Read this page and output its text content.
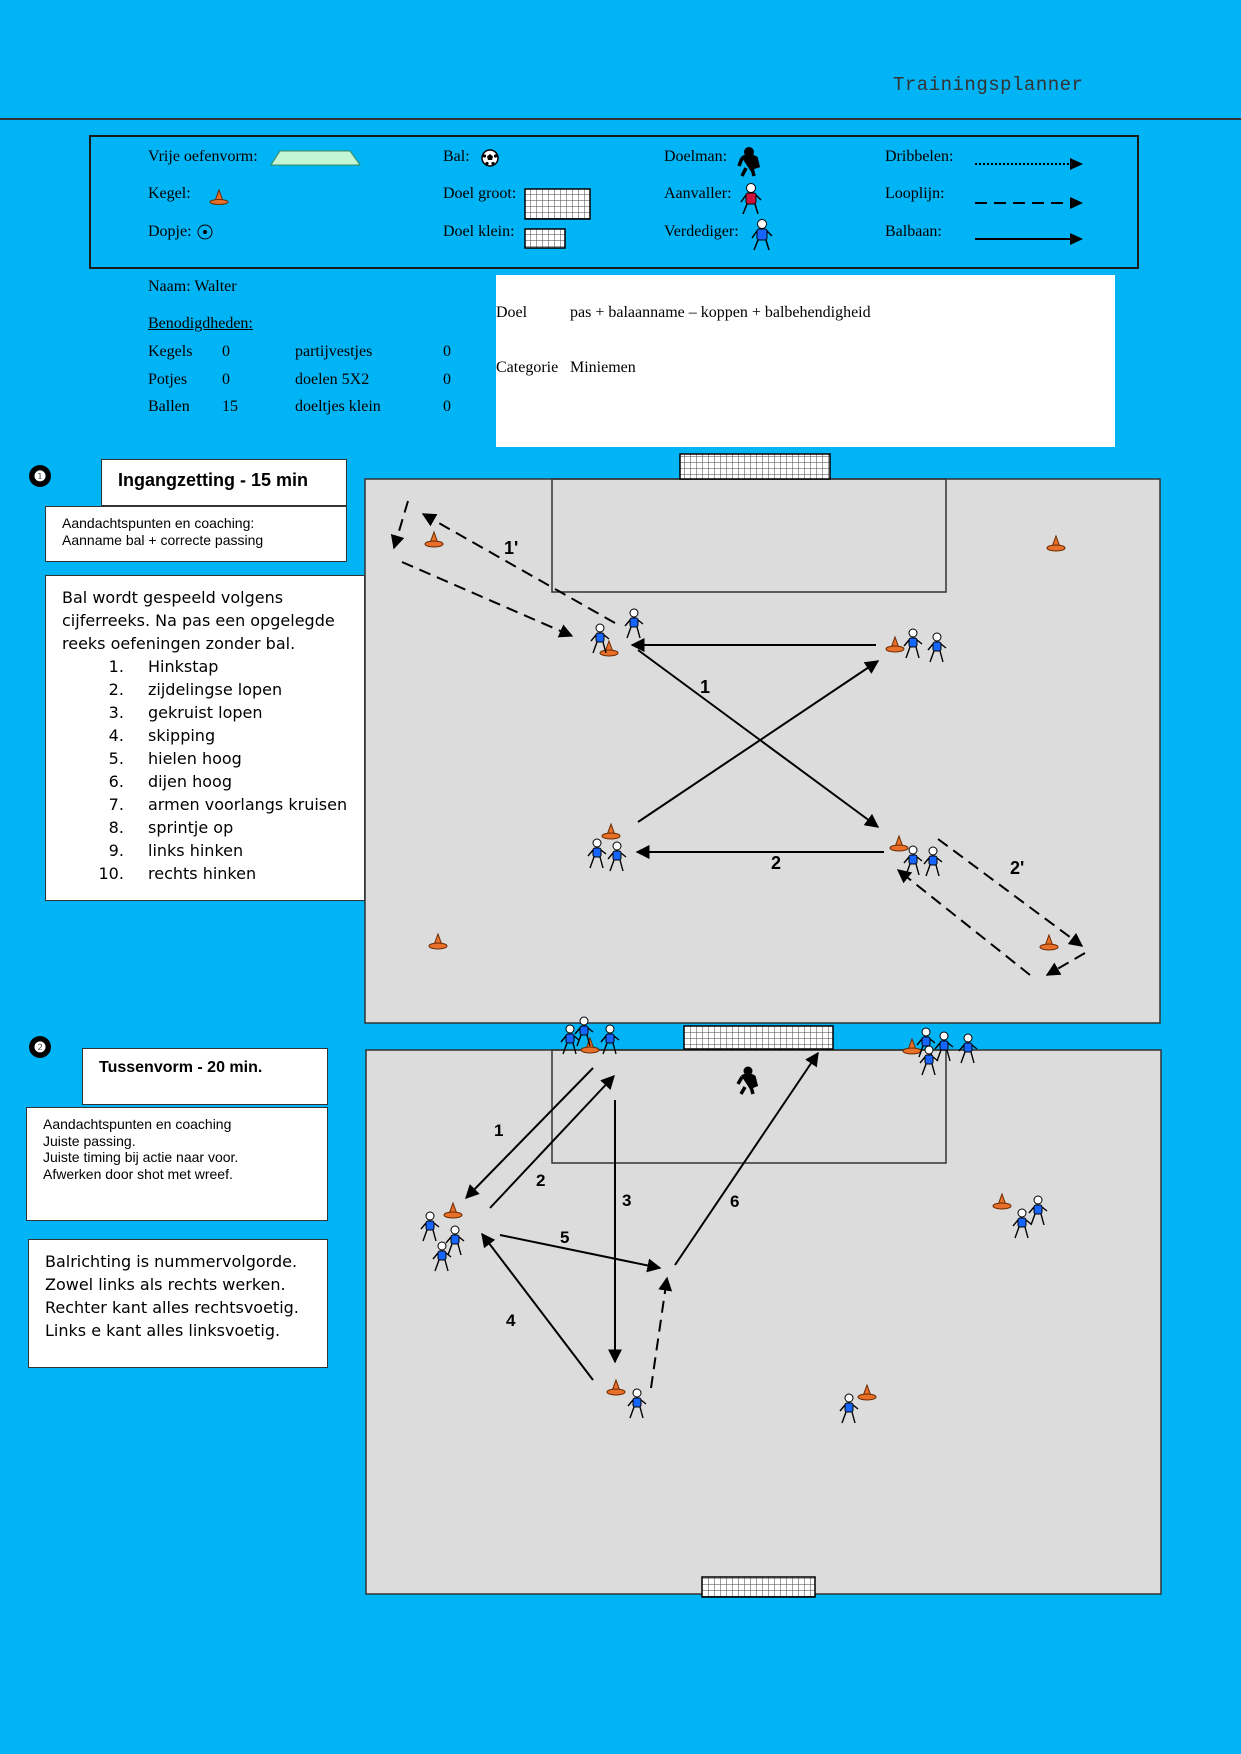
Trainingsplanner
Vrije oefenvorm:
Kegel:
Dopje:
Bal:
Doel groot:
Doel klein:
Doelman:
Aanvaller:
Verdediger:
Dribbelen:
Looplijn:
Balbaan:
Naam: Walter
Benodigdheden:
Kegels 0	partijvestjes	0
Potjes 0	doelen 5X2	0
Ballen 15	doeltjes klein	0
Doel	pas + balaanname – koppen + balbehendigheid
Categorie Miniemen
❶	Ingangzetting - 15 min
Aandachtspunten en coaching:
Aanname bal + correcte passing
Bal wordt gespeeld volgens cijferreeks. Na pas een opgelegde reeks oefeningen zonder bal.
1. Hinkstap
2. zijdelingse lopen
3. gekruist lopen
4. skipping
5. hielen hoog
6. dijen hoog
7. armen voorlangs kruisen
8. sprintje op
9. links hinken
10. rechts hinken
1'
1
2	2'
1
2
3
4
5
6
❷
Tussenvorm - 20 min.
Aandachtspunten en coaching
Juiste passing.
Juiste timing bij actie naar voor.
Afwerken door shot met wreef.
Balrichting is nummervolgorde.
Zowel links als rechts werken.
Rechter kant alles rechtsvoetig.
Links e kant alles linksvoetig.
